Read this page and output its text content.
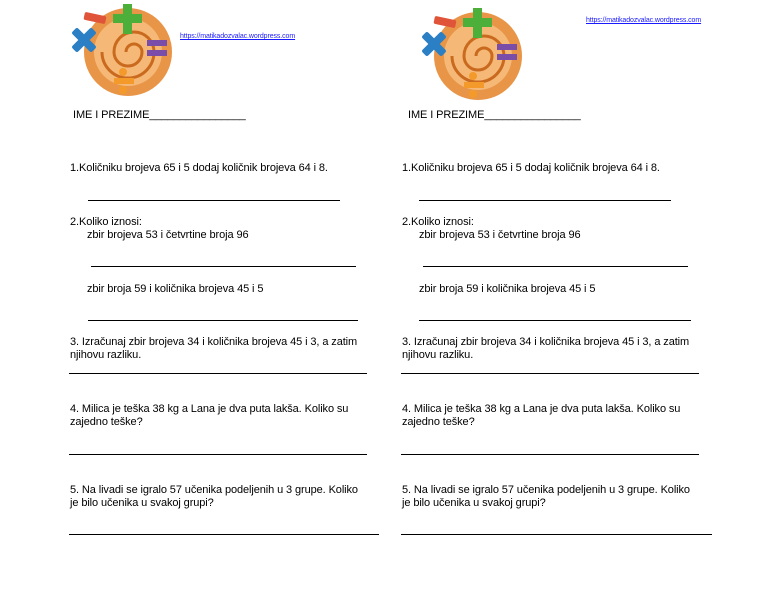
https://matikadozvalac.wordpress.com
IME I PREZIME________________
1.Količniku brojeva 65 i 5 dodaj količnik brojeva 64 i 8.
2.Koliko iznosi:
zbir brojeva 53 i četvrtine broja 96
zbir broja 59 i količnika brojeva 45 i 5
3. Izračunaj zbir brojeva 34 i količnika brojeva 45 i 3, a zatim
njihovu razliku.
4. Milica je teška 38 kg a Lana je dva puta lakša. Koliko su
zajedno teške?
5. Na livadi se igralo 57 učenika podeljenih u 3 grupe. Koliko
je bilo učenika u svakoj grupi?
https://matikadozvalac.wordpress.com
IME I PREZIME________________
1.Količniku brojeva 65 i 5 dodaj količnik brojeva 64 i 8.
2.Koliko iznosi:
zbir brojeva 53 i četvrtine broja 96
zbir broja 59 i količnika brojeva 45 i 5
3. Izračunaj zbir brojeva 34 i količnika brojeva 45 i 3, a zatim
njihovu razliku.
4. Milica je teška 38 kg a Lana je dva puta lakša. Koliko su
zajedno teške?
5. Na livadi se igralo 57 učenika podeljenih u 3 grupe. Koliko
je bilo učenika u svakoj grupi?
